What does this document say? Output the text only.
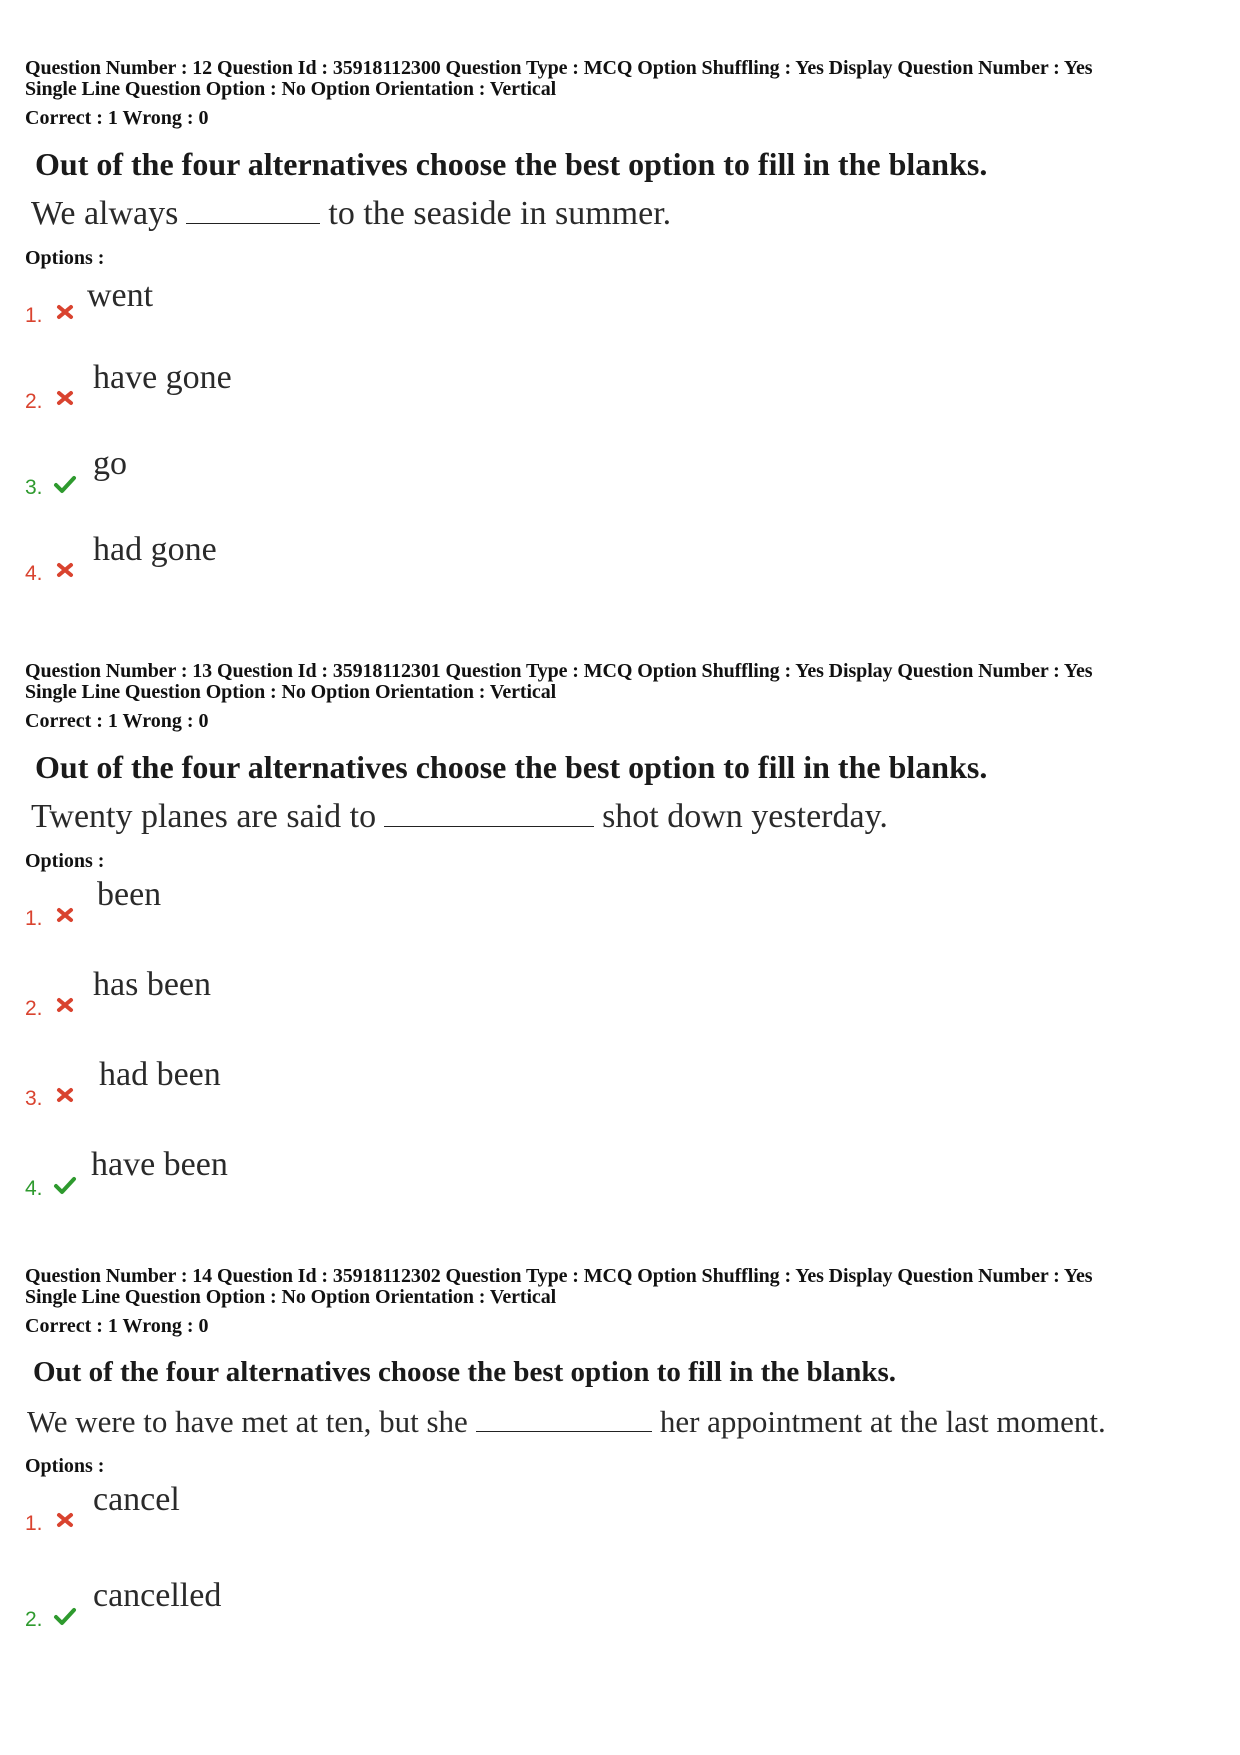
Question Number : 12 Question Id : 35918112300 Question Type : MCQ Option Shuffling : Yes Display Question Number : Yes
Single Line Question Option : No Option Orientation : Vertical
Correct : 1 Wrong : 0
Out of the four alternatives choose the best option to fill in the blanks.
We always	to the seaside in summer.
Options :
1.
went
2.
have gone
3.
go
4.
had gone
Question Number : 13 Question Id : 35918112301 Question Type : MCQ Option Shuffling : Yes Display Question Number : Yes
Single Line Question Option : No Option Orientation : Vertical
Correct : 1 Wrong : 0
Out of the four alternatives choose the best option to fill in the blanks.
Twenty planes are said to	shot down yesterday.
Options :
1.
been
2.
has been
3.
had been
4.
have been
Question Number : 14 Question Id : 35918112302 Question Type : MCQ Option Shuffling : Yes Display Question Number : Yes
Single Line Question Option : No Option Orientation : Vertical
Correct : 1 Wrong : 0
Out of the four alternatives choose the best option to fill in the blanks.
We were to have met at ten, but she	her appointment at the last moment.
Options :
1.
cancel
2.
cancelled
